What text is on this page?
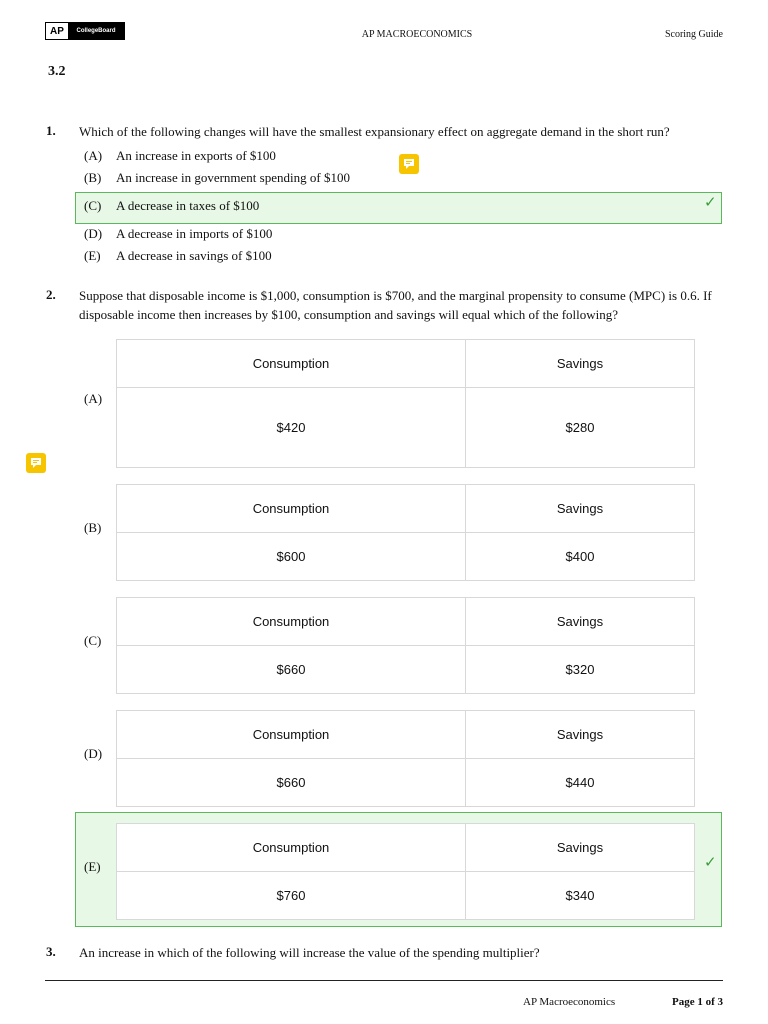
AP	CollegeBoard	AP MACROECONOMICS	Scoring Guide
3.2
1. Which of the following changes will have the smallest expansionary effect on aggregate demand in the short run?
✓
(A)	An increase in exports of $100
(B)	An increase in government spending of $100
(C)	A decrease in taxes of $100
(D)	A decrease in imports of $100
(E)	A decrease in savings of $100
2. Suppose that disposable income is $1,000, consumption is $700, and the marginal propensity to consume (MPC) is 0.6. If disposable income then increases by $100, consumption and savings will equal which of the following?
(A)
Consumption	Savings
$420	$280
(B)
Consumption	Savings
$600	$400
(C)
Consumption	Savings
$660	$320
(D)
Consumption	Savings
$660	$440
✓
(E)
Consumption	Savings
$760	$340
3. An increase in which of the following will increase the value of the spending multiplier?
AP Macroeconomics	Page 1 of 3
